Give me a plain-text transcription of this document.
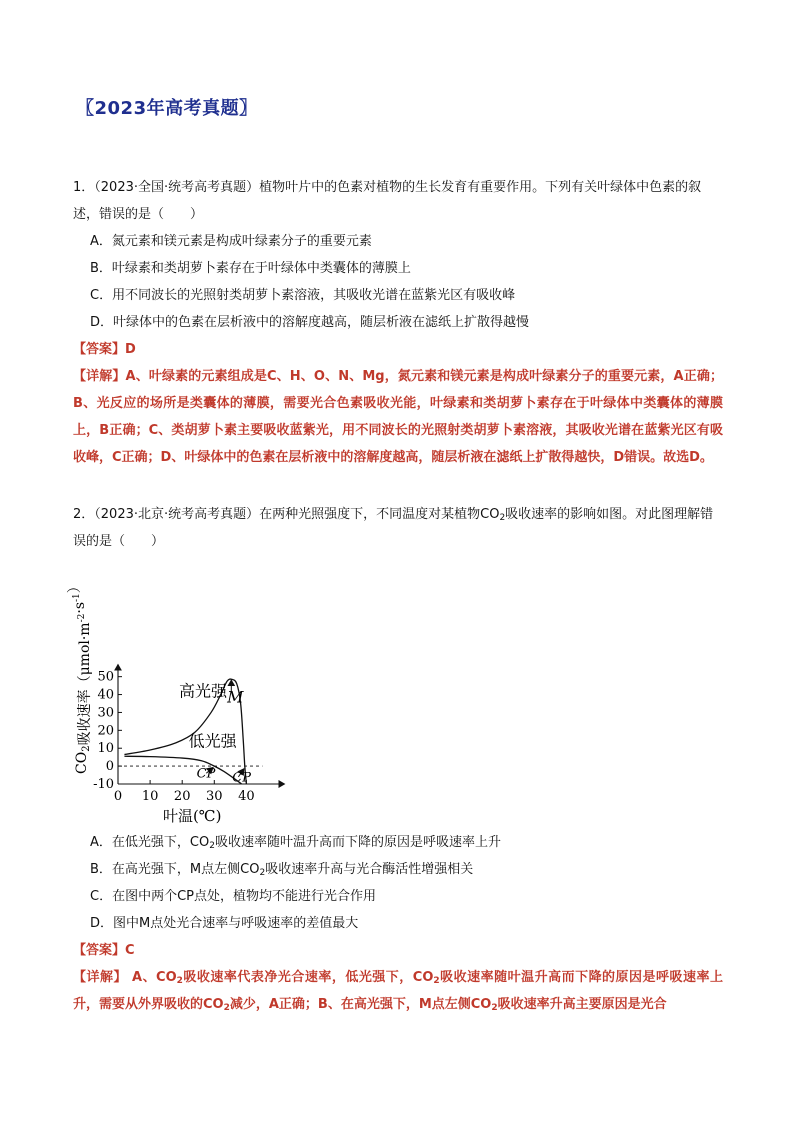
〖2023年高考真题〗
1．（2023·全国·统考高考真题）植物叶片中的色素对植物的生长发育有重要作用。下列有关叶绿体中色素的叙述，错误的是（　　）
A．氮元素和镁元素是构成叶绿素分子的重要元素
B．叶绿素和类胡萝卜素存在于叶绿体中类囊体的薄膜上
C．用不同波长的光照射类胡萝卜素溶液，其吸收光谱在蓝紫光区有吸收峰
D．叶绿体中的色素在层析液中的溶解度越高，随层析液在滤纸上扩散得越慢
【答案】D
【详解】A、叶绿素的元素组成是C、H、O、N、Mg，氮元素和镁元素是构成叶绿素分子的重要元素，A正确；B、光反应的场所是类囊体的薄膜，需要光合色素吸收光能，叶绿素和类胡萝卜素存在于叶绿体中类囊体的薄膜上，B正确；C、类胡萝卜素主要吸收蓝紫光，用不同波长的光照射类胡萝卜素溶液，其吸收光谱在蓝紫光区有吸收峰，C正确；D、叶绿体中的色素在层析液中的溶解度越高，随层析液在滤纸上扩散得越快，D错误。故选D。
2．（2023·北京·统考高考真题）在两种光照强度下，不同温度对某植物$CO_2$吸收速率的影响如图。对此图理解错误的是（　　）
0 10 20 30 40
-10
0
10
20
30
40
50
高光强
低光强
M
CP CP
叶温(℃)
$CO_2$吸收速率$(\mu mol\cdot m^{-2}\cdot s^{-1})$
A．在低光强下，$CO_2$吸收速率随叶温升高而下降的原因是呼吸速率上升
B．在高光强下，M点左侧$CO_2$吸收速率升高与光合酶活性增强相关
C．在图中两个CP点处，植物均不能进行光合作用
D．图中M点处光合速率与呼吸速率的差值最大
【答案】C
【详解】 A、$CO_2$吸收速率代表净光合速率，低光强下，$CO_2$吸收速率随叶温升高而下降的原因是呼吸速率上升，需要从外界吸收的$CO_2$减少，A正确；B、在高光强下，M点左侧$CO_2$吸收速率升高主要原因是光合
